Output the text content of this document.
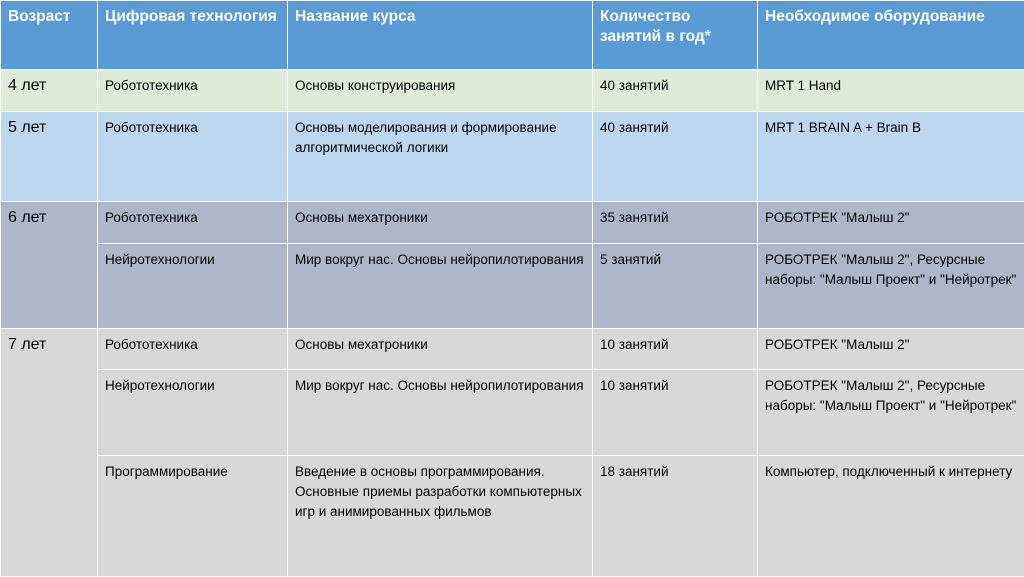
Возраст	Цифровая технология	Название курса	Количество занятий в год*	Необходимое оборудование
4 лет	Робототехника	Основы конструирования	40 занятий	MRT 1 Hand
5 лет	Робототехника	Основы моделирования и формирование алгоритмической логики	40 занятий	MRT 1 BRAIN A + Brain B
6 лет	Робототехника	Основы мехатроники	35 занятий	РОБОТРЕК "Малыш 2"
	Нейротехнологии	Мир вокруг нас. Основы нейропилотирования	5 занятий	РОБОТРЕК "Малыш 2", Ресурсные наборы: "Малыш Проект" и "Нейротрек"
7 лет	Робототехника	Основы мехатроники	10 занятий	РОБОТРЕК "Малыш 2"
	Нейротехнологии	Мир вокруг нас. Основы нейропилотирования	10 занятий	РОБОТРЕК "Малыш 2", Ресурсные наборы: "Малыш Проект" и "Нейротрек"
	Программирование	Введение в основы программирования. Основные приемы разработки компьютерных игр и анимированных фильмов	18 занятий	Компьютер, подключенный к интернету
